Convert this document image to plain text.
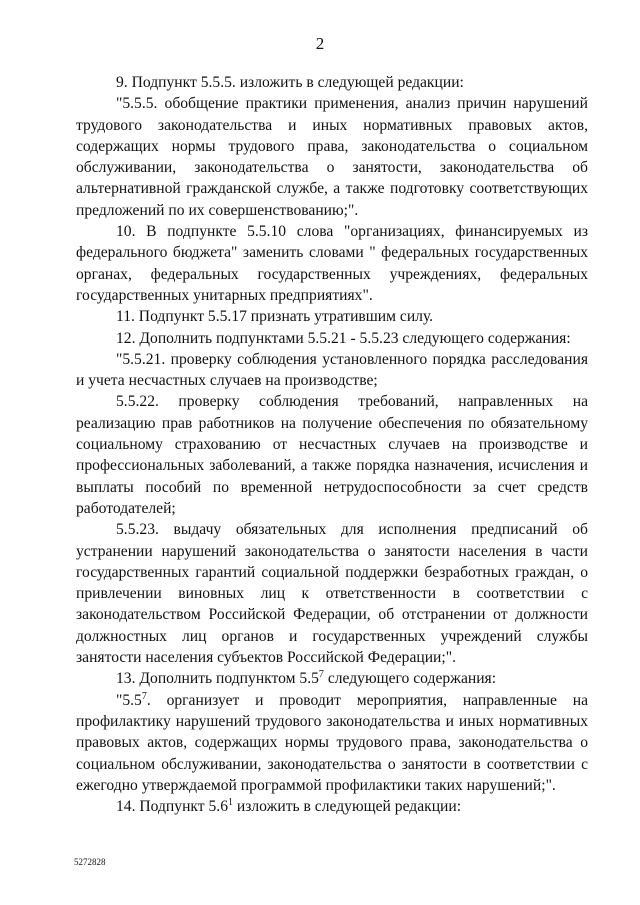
2

9. Подпункт 5.5.5. изложить в следующей редакции:

"5.5.5. обобщение практики применения, анализ причин нарушений трудового законодательства и иных нормативных правовых актов, содержащих нормы трудового права, законодательства о социальном обслуживании, законодательства о занятости, законодательства об альтернативной гражданской службе, а также подготовку соответствующих предложений по их совершенствованию;".

10. В подпункте 5.5.10 слова "организациях, финансируемых из федерального бюджета" заменить словами " федеральных государственных органах, федеральных государственных учреждениях, федеральных государственных унитарных предприятиях".

11. Подпункт 5.5.17 признать утратившим силу.

12. Дополнить подпунктами 5.5.21 - 5.5.23 следующего содержания:

"5.5.21. проверку соблюдения установленного порядка расследования и учета несчастных случаев на производстве;

5.5.22. проверку соблюдения требований, направленных на реализацию прав работников на получение обеспечения по обязательному социальному страхованию от несчастных случаев на производстве и профессиональных заболеваний, а также порядка назначения, исчисления и выплаты пособий по временной нетрудоспособности за счет средств работодателей;

5.5.23. выдачу обязательных для исполнения предписаний об устранении нарушений законодательства о занятости населения в части государственных гарантий социальной поддержки безработных граждан, о привлечении виновных лиц к ответственности в соответствии с законодательством Российской Федерации, об отстранении от должности должностных лиц органов и государственных учреждений службы занятости населения субъектов Российской Федерации;".

13. Дополнить подпунктом $5.5^7$ следующего содержания:

"$5.5^7$. организует и проводит мероприятия, направленные на профилактику нарушений трудового законодательства и иных нормативных правовых актов, содержащих нормы трудового права, законодательства о социальном обслуживании, законодательства о занятости в соответствии с ежегодно утверждаемой программой профилактики таких нарушений;".

14. Подпункт $5.6^1$ изложить в следующей редакции:

5272828
